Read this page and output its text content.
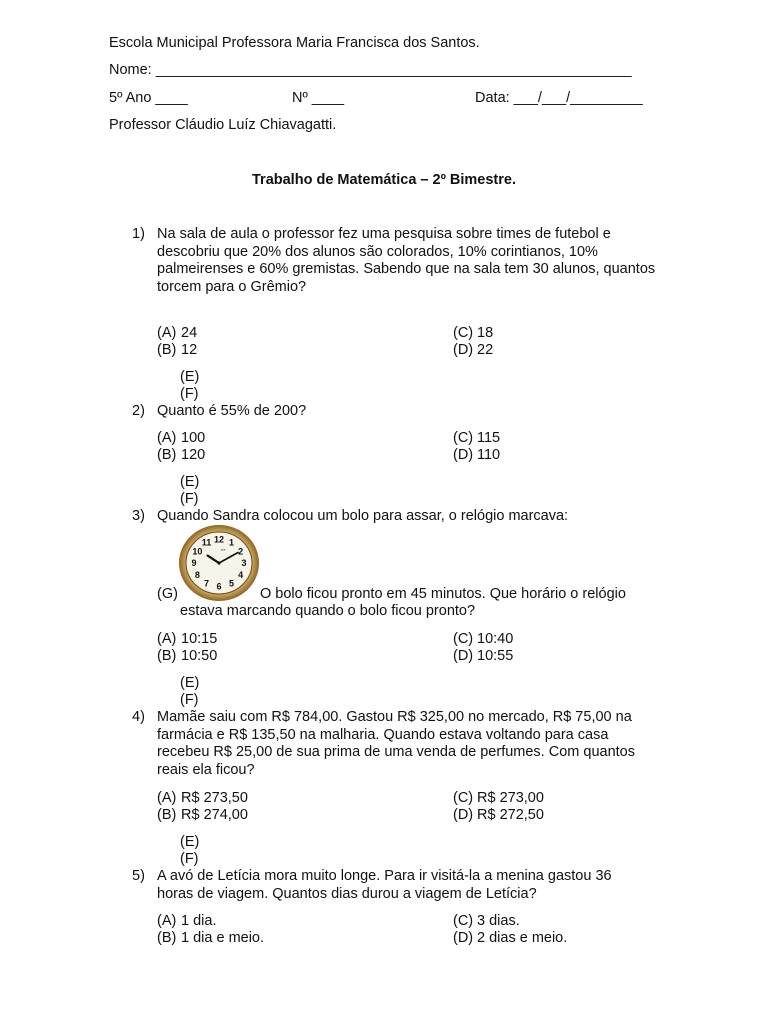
Escola Municipal Professora Maria Francisca dos Santos.
Nome: ___________________________________________________________
5º Ano ____	Nº ____	Data: ___/___/_________
Professor Cláudio Luíz Chiavagatti.
Trabalho de Matemática – 2º Bimestre.
1) Na sala de aula o professor fez uma pesquisa sobre times de futebol e descobriu que 20% dos alunos são colorados, 10% corintianos, 10% palmeirenses e 60% gremistas. Sabendo que na sala tem 30 alunos, quantos torcem para o Grêmio?
(A) 24
(B) 12
(C) 18
(D) 22
(E)
(F)
2) Quanto é 55% de 200?
(A) 100
(B) 120
(C) 115
(D) 110
(E)
(F)
3) Quando Sandra colocou um bolo para assar, o relógio marcava:
12 1
2
3
4
5
6
7
8
9
10
11
▪▪▪
(G)	O bolo ficou pronto em 45 minutos. Que horário o relógio
estava marcando quando o bolo ficou pronto?
(A) 10:15
(B) 10:50
(C) 10:40
(D) 10:55
(E)
(F)
4) Mamãe saiu com R$ 784,00. Gastou R$ 325,00 no mercado, R$ 75,00 na farmácia e R$ 135,50 na malharia. Quando estava voltando para casa recebeu R$ 25,00 de sua prima de uma venda de perfumes. Com quantos reais ela ficou?
(A) R$ 273,50
(B) R$ 274,00
(C) R$ 273,00
(D) R$ 272,50
(E)
(F)
5) A avó de Letícia mora muito longe. Para ir visitá-la a menina gastou 36 horas de viagem. Quantos dias durou a viagem de Letícia?
(A) 1 dia.
(B) 1 dia e meio.
(C) 3 dias.
(D) 2 dias e meio.
